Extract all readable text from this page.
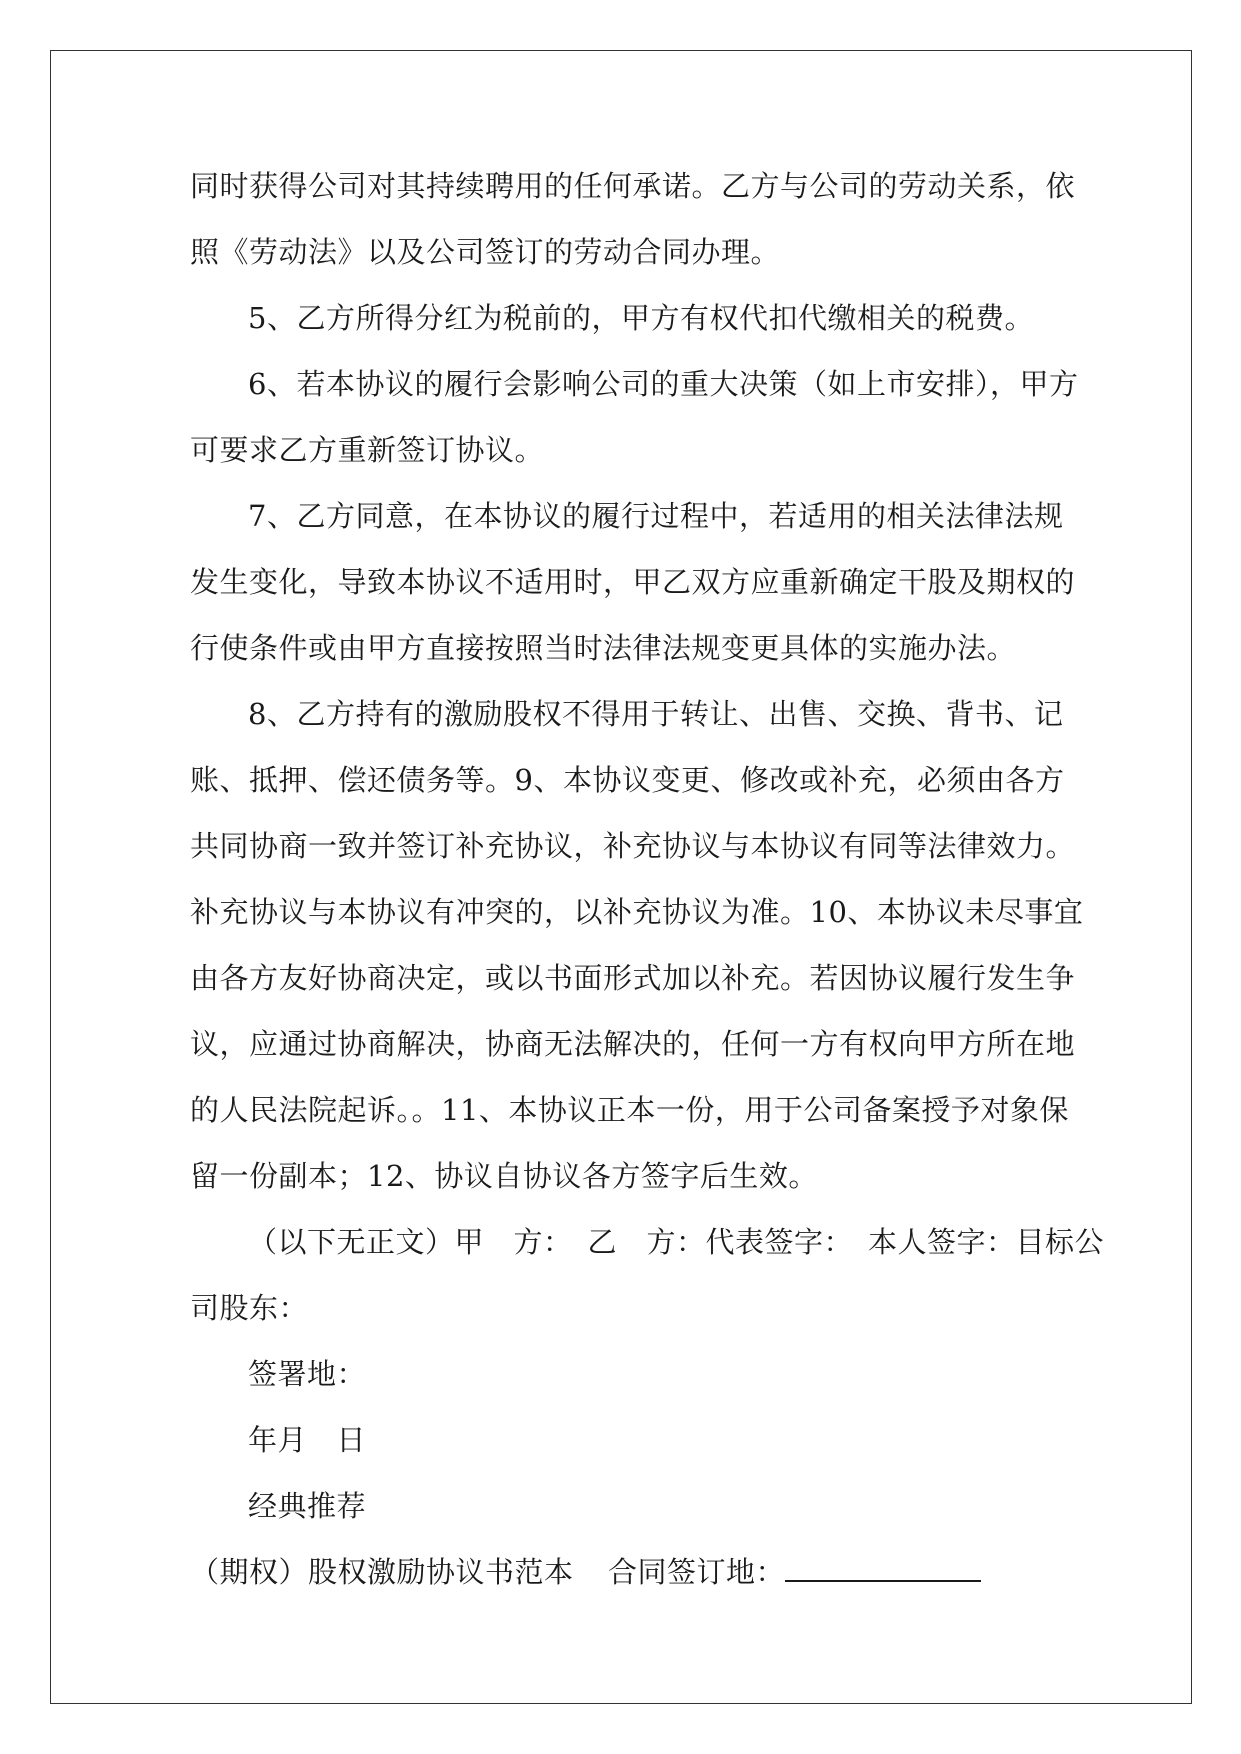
同时获得公司对其持续聘用的任何承诺。乙方与公司的劳动关系，依
照《劳动法》以及公司签订的劳动合同办理。

5、乙方所得分红为税前的，甲方有权代扣代缴相关的税费。

6、若本协议的履行会影响公司的重大决策（如上市安排），甲方
可要求乙方重新签订协议。

7、乙方同意，在本协议的履行过程中，若适用的相关法律法规
发生变化，导致本协议不适用时，甲乙双方应重新确定干股及期权的
行使条件或由甲方直接按照当时法律法规变更具体的实施办法。

8、乙方持有的激励股权不得用于转让、出售、交换、背书、记
账、抵押、偿还债务等。9、本协议变更、修改或补充，必须由各方
共同协商一致并签订补充协议，补充协议与本协议有同等法律效力。
补充协议与本协议有冲突的，以补充协议为准。10、本协议未尽事宜
由各方友好协商决定，或以书面形式加以补充。若因协议履行发生争
议，应通过协商解决，协商无法解决的，任何一方有权向甲方所在地
的人民法院起诉。。11、本协议正本一份，用于公司备案授予对象保
留一份副本；12、协议自协议各方签字后生效。

（以下无正文）甲　方：　乙　方：代表签字：　本人签字：目标公
司股东：

签署地：

年月　日

经典推荐

（期权）股权激励协议书范本 合同签订地：
